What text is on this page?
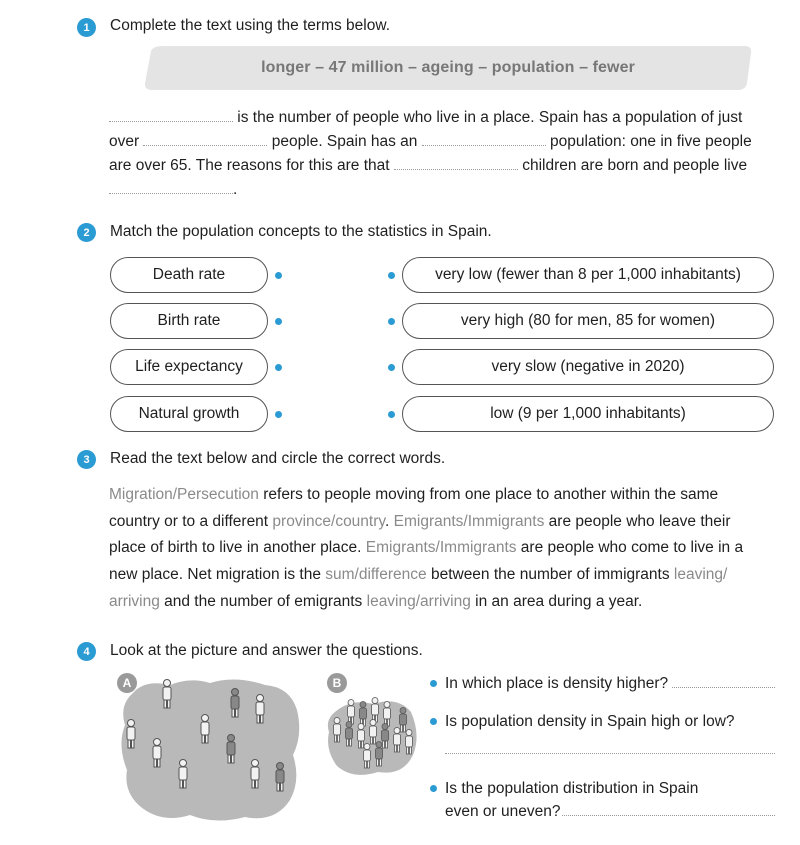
1	Complete the text using the terms below.
longer – 47 million – ageing – population – fewer
is the number of people who live in a place. Spain has a population of just
over	people. Spain has an	population: one in five people
are over 65. The reasons for this are that	children are born and people live
.
2	Match the population concepts to the statistics in Spain.
Death rate
Birth rate
Life expectancy
Natural growth
very low (fewer than 8 per 1,000 inhabitants)
very high (80 for men, 85 for women)
very slow (negative in 2020)
low (9 per 1,000 inhabitants)
3	Read the text below and circle the correct words.
Migration/Persecution refers to people moving from one place to another within the same
country or to a different province/country. Emigrants/Immigrants are people who leave their
place of birth to live in another place. Emigrants/Immigrants are people who come to live in a
new place. Net migration is the sum/difference between the number of immigrants leaving/
arriving and the number of emigrants leaving/arriving in an area during a year.
4	Look at the picture and answer the questions.
A	B	In which place is density higher?
Is population density in Spain high or low?
Is the population distribution in Spain
even or uneven?
